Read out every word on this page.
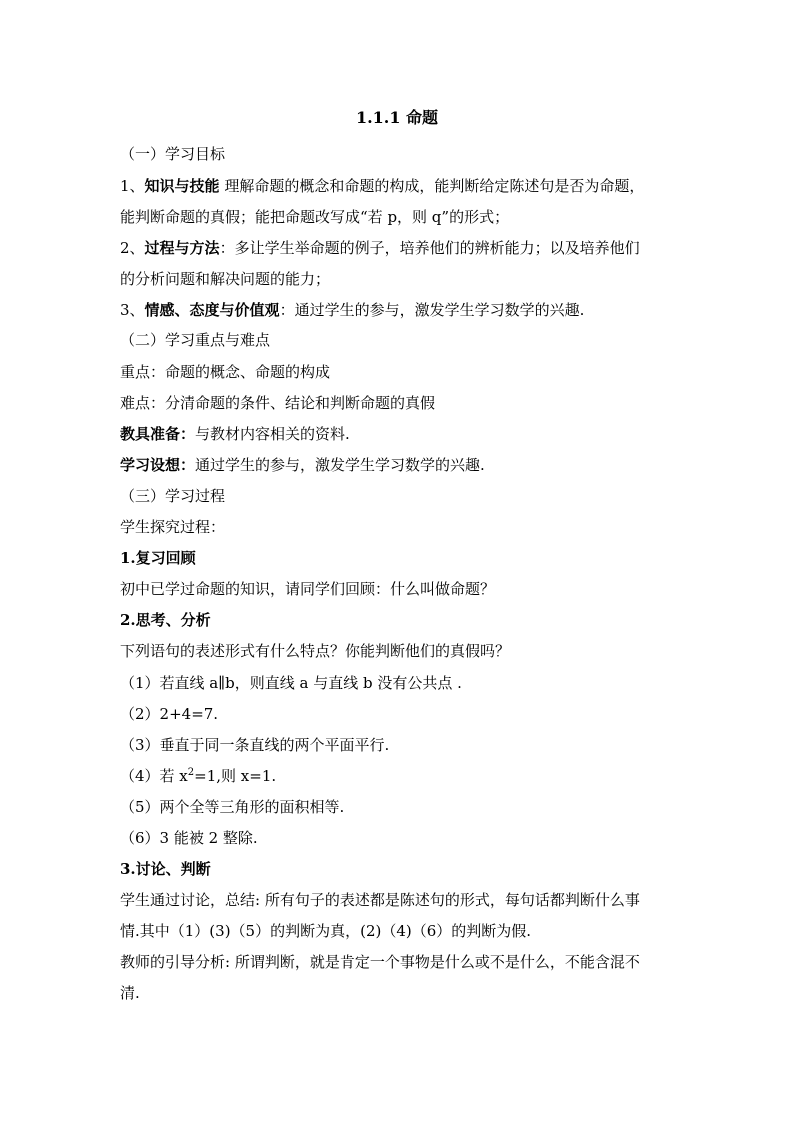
1.1.1 命题
（一）学习目标
1、知识与技能 理解命题的概念和命题的构成，能判断给定陈述句是否为命题，
能判断命题的真假；能把命题改写成“若 p，则 q”的形式；
2、过程与方法：多让学生举命题的例子，培养他们的辨析能力；以及培养他们
的分析问题和解决问题的能力；
3、情感、态度与价值观：通过学生的参与，激发学生学习数学的兴趣.
（二）学习重点与难点
重点：命题的概念、命题的构成
难点：分清命题的条件、结论和判断命题的真假
教具准备：与教材内容相关的资料.
学习设想：通过学生的参与，激发学生学习数学的兴趣.
（三）学习过程
学生探究过程：
1.复习回顾
初中已学过命题的知识，请同学们回顾：什么叫做命题？
2.思考、分析
下列语句的表述形式有什么特点？你能判断他们的真假吗？
（1）若直线 a∥b，则直线 a 与直线 b 没有公共点 .
（2）2+4=7.
（3）垂直于同一条直线的两个平面平行.
（4）若 $x^2=1$,则 x=1.
（5）两个全等三角形的面积相等.
（6）3 能被 2 整除.
3.讨论、判断
学生通过讨论，总结: 所有句子的表述都是陈述句的形式，每句话都判断什么事
情.其中（1）(3)（5）的判断为真，(2)（4)（6）的判断为假.
教师的引导分析: 所谓判断，就是肯定一个事物是什么或不是什么，不能含混不
清.
